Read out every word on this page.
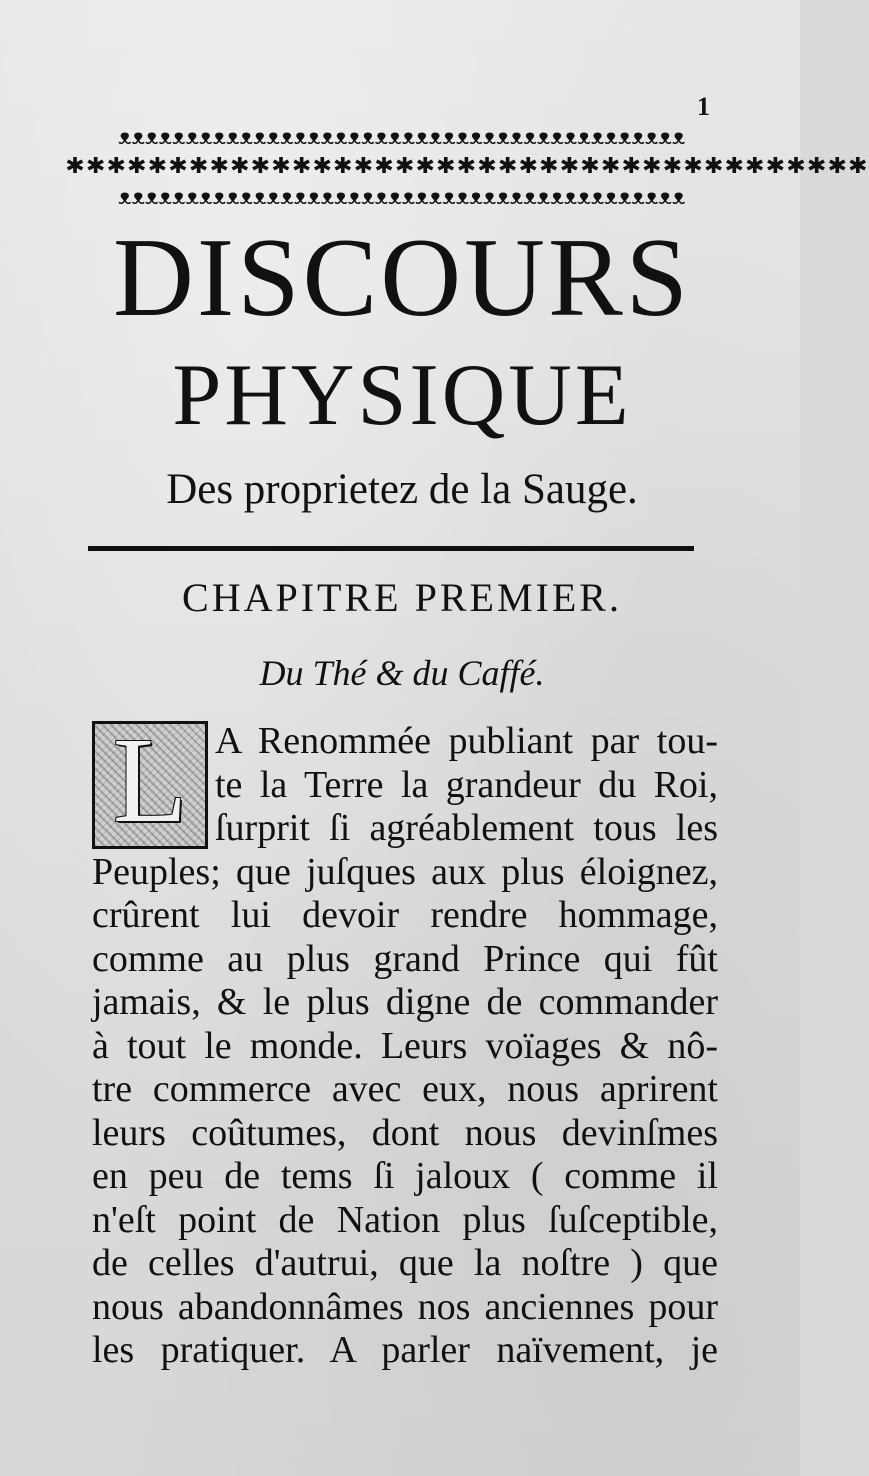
1
ᴥᴥᴥᴥᴥᴥᴥᴥᴥᴥᴥᴥᴥᴥᴥᴥᴥᴥᴥᴥᴥᴥᴥᴥᴥᴥᴥᴥᴥᴥᴥᴥᴥᴥᴥᴥᴥᴥᴥᴥᴥᴥ
✱✱✱✱✱✱✱✱✱✱✱✱✱✱✱✱✱✱✱✱✱✱✱✱✱✱✱✱✱✱✱✱✱✱✱✱✱✱✱
ᴥᴥᴥᴥᴥᴥᴥᴥᴥᴥᴥᴥᴥᴥᴥᴥᴥᴥᴥᴥᴥᴥᴥᴥᴥᴥᴥᴥᴥᴥᴥᴥᴥᴥᴥᴥᴥᴥᴥᴥᴥᴥ
DISCOURS
PHYSIQUE
Des proprietez de la Sauge.
CHAPITRE PREMIER.
Du Thé & du Caffé.
L A Renommée publiant par tou-
te la Terre la grandeur du Roi,
ſurprit ſi agréablement tous les
Peuples; que juſques aux plus éloignez,
crûrent lui devoir rendre hommage,
comme au plus grand Prince qui fût
jamais, & le plus digne de commander
à tout le monde. Leurs voïages & nô-
tre commerce avec eux, nous aprirent
leurs coûtumes, dont nous devinſmes
en peu de tems ſi jaloux ( comme il
n'eſt point de Nation plus ſuſceptible,
de celles d'autrui, que la noſtre ) que
nous abandonnâmes nos anciennes pour
les pratiquer. A parler naïvement, je
